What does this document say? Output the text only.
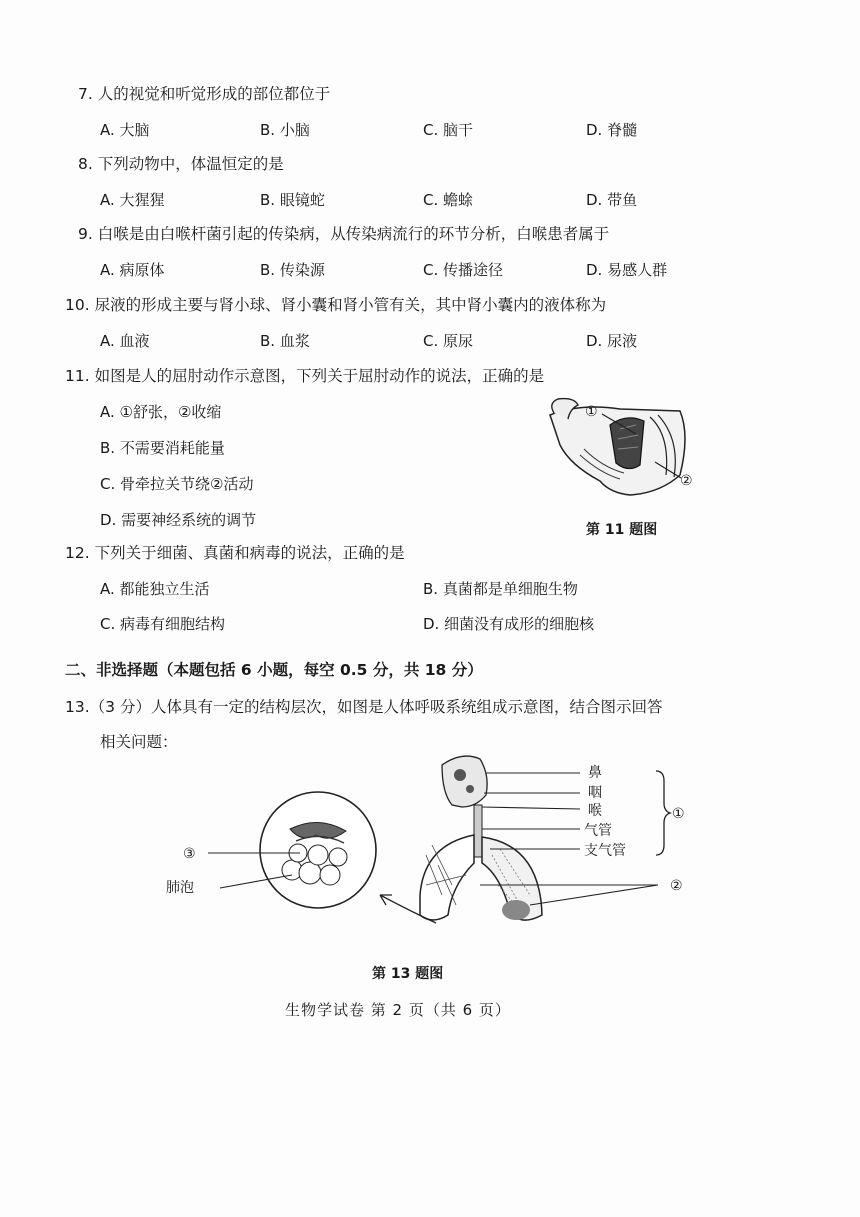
7. 人的视觉和听觉形成的部位都位于
A. 大脑	B. 小脑	C. 脑干	D. 脊髓
8. 下列动物中，体温恒定的是
A. 大猩猩	B. 眼镜蛇	C. 蟾蜍	D. 带鱼
9. 白喉是由白喉杆菌引起的传染病，从传染病流行的环节分析，白喉患者属于
A. 病原体	B. 传染源	C. 传播途径	D. 易感人群
10. 尿液的形成主要与肾小球、肾小囊和肾小管有关，其中肾小囊内的液体称为
A. 血液	B. 血浆	C. 原尿	D. 尿液
11. 如图是人的屈肘动作示意图，下列关于屈肘动作的说法，正确的是
A. ①舒张，②收缩
B. 不需要消耗能量
C. 骨牵拉关节绕②活动
D. 需要神经系统的调节
①
②
第 11 题图
12. 下列关于细菌、真菌和病毒的说法，正确的是
A. 都能独立生活	B. 真菌都是单细胞生物
C. 病毒有细胞结构	D. 细菌没有成形的细胞核
二、非选择题（本题包括 6 小题，每空 0.5 分，共 18 分）
13.（3 分）人体具有一定的结构层次，如图是人体呼吸系统组成示意图，结合图示回答
相关问题：
鼻
咽
喉
气管
支气管
①
②
③
肺泡
第 13 题图
生物学试卷 第 2 页（共 6 页）
